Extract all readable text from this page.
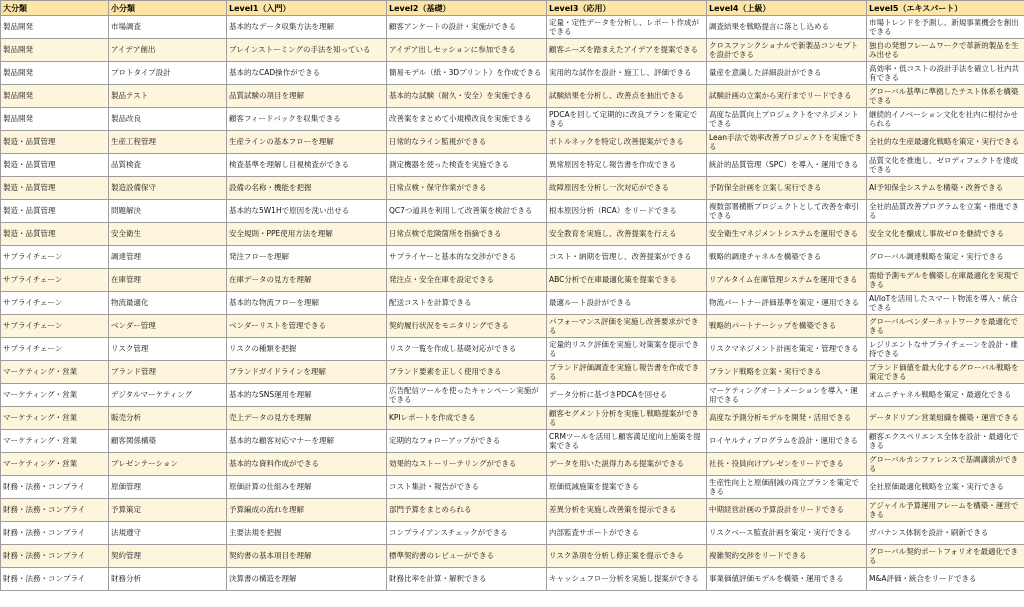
大分類	小分類	Level1（入門）	Level2（基礎）	Level3（応用）	Level4（上級）	Level5（エキスパート）

製品開発	市場調査	基本的なデータ収集方法を理解	顧客アンケートの設計・実施ができる	定量・定性データを分析し、レポート作成ができる	調査結果を戦略提言に落とし込める	市場トレンドを予測し、新規事業機会を創出できる

製品開発	アイデア創出	ブレインストーミングの手法を知っている	アイデア出しセッションに参加できる	顧客ニーズを踏まえたアイデアを提案できる	クロスファンクショナルで新製品コンセプトを設計できる	独自の発想フレームワークで革新的製品を生み出せる

製品開発	プロトタイプ設計	基本的なCAD操作ができる	簡易モデル（紙・3Dプリント）を作成できる	実用的な試作を設計・施工し、評価できる	量産を意識した詳細設計ができる	高効率・低コストの設計手法を確立し社内共有できる

製品開発	製品テスト	品質試験の項目を理解	基本的な試験（耐久・安全）を実施できる	試験結果を分析し、改善点を抽出できる	試験計画の立案から実行までリードできる	グローバル基準に準拠したテスト体系を構築できる

製品開発	製品改良	顧客フィードバックを収集できる	改善案をまとめて小規模改良を実施できる	PDCAを回して定期的に改良プランを策定できる	高度な品質向上プロジェクトをマネジメントできる	継続的イノベーション文化を社内に根付かせられる

製造・品質管理	生産工程管理	生産ラインの基本フローを理解	日常的なライン監視ができる	ボトルネックを特定し改善提案ができる	Lean手法で効率改善プロジェクトを実施できる	全社的な生産最適化戦略を策定・実行できる

製造・品質管理	品質検査	検査基準を理解し目視検査ができる	測定機器を使った検査を実施できる	異常原因を特定し報告書を作成できる	統計的品質管理（SPC）を導入・運用できる	品質文化を推進し、ゼロディフェクトを達成できる

製造・品質管理	製造設備保守	設備の名称・機能を把握	日常点検・保守作業ができる	故障原因を分析し一次対応ができる	予防保全計画を立案し実行できる	AI予知保全システムを構築・改善できる

製造・品質管理	問題解決	基本的な5W1Hで原因を洗い出せる	QC7つ道具を利用して改善策を検討できる	根本原因分析（RCA）をリードできる	複数部署横断プロジェクトとして改善を牽引できる	全社的品質改善プログラムを立案・推進できる

製造・品質管理	安全衛生	安全規則・PPE使用方法を理解	日常点検で危険箇所を指摘できる	安全教育を実施し、改善提案を行える	安全衛生マネジメントシステムを運用できる	安全文化を醸成し事故ゼロを継続できる

サプライチェーン	調達管理	発注フローを理解	サプライヤーと基本的な交渉ができる	コスト・納期を管理し、改善提案ができる	戦略的調達チャネルを構築できる	グローバル調達戦略を策定・実行できる

サプライチェーン	在庫管理	在庫データの見方を理解	発注点・安全在庫を設定できる	ABC分析で在庫最適化策を提案できる	リアルタイム在庫管理システムを運用できる	需給予測モデルを構築し在庫最適化を実現できる

サプライチェーン	物流最適化	基本的な物流フローを理解	配送コストを計算できる	最適ルート設計ができる	物流パートナー評価基準を策定・運用できる	AI/IoTを活用したスマート物流を導入・統合できる

サプライチェーン	ベンダー管理	ベンダーリストを管理できる	契約履行状況をモニタリングできる	パフォーマンス評価を実施し改善要求ができる	戦略的パートナーシップを構築できる	グローバルベンダーネットワークを最適化できる

サプライチェーン	リスク管理	リスクの種類を把握	リスク一覧を作成し基礎対応ができる	定量的リスク評価を実施し対策案を提示できる	リスクマネジメント計画を策定・管理できる	レジリエントなサプライチェーンを設計・維持できる

マーケティング・営業	ブランド管理	ブランドガイドラインを理解	ブランド要素を正しく使用できる	ブランド評価調査を実施し報告書を作成できる	ブランド戦略を立案・実行できる	ブランド価値を最大化するグローバル戦略を策定できる

マーケティング・営業	デジタルマーケティング	基本的なSNS運用を理解	広告配信ツールを使ったキャンペーン実施ができる	データ分析に基づきPDCAを回せる	マーケティングオートメーションを導入・運用できる	オムニチャネル戦略を策定・最適化できる

マーケティング・営業	販売分析	売上データの見方を理解	KPIレポートを作成できる	顧客セグメント分析を実施し戦略提案ができる	高度な予測分析モデルを開発・活用できる	データドリブン営業組織を構築・運営できる

マーケティング・営業	顧客関係構築	基本的な顧客対応マナーを理解	定期的なフォローアップができる	CRMツールを活用し顧客満足度向上施策を提案できる	ロイヤルティプログラムを設計・運用できる	顧客エクスペリエンス全体を設計・最適化できる

マーケティング・営業	プレゼンテーション	基本的な資料作成ができる	効果的なストーリーテリングができる	データを用いた説得力ある提案ができる	社長・役員向けプレゼンをリードできる	グローバルカンファレンスで基調講演ができる

財務・法務・コンプライ	原価管理	原価計算の仕組みを理解	コスト集計・報告ができる	原価低減施策を提案できる	生産性向上と原価削減の両立プランを策定できる	全社原価最適化戦略を立案・実行できる

財務・法務・コンプライ	予算策定	予算編成の流れを理解	部門予算をまとめられる	差異分析を実施し改善策を提示できる	中期経営計画の予算設計をリードできる	アジャイル予算運用フレームを構築・運営できる

財務・法務・コンプライ	法規遵守	主要法規を把握	コンプライアンスチェックができる	内部監査サポートができる	リスクベース監査計画を策定・実行できる	ガバナンス体制を設計・刷新できる

財務・法務・コンプライ	契約管理	契約書の基本項目を理解	標準契約書のレビューができる	リスク条項を分析し修正案を提示できる	複雑契約交渉をリードできる	グローバル契約ポートフォリオを最適化できる

財務・法務・コンプライ	財務分析	決算書の構造を理解	財務比率を計算・解釈できる	キャッシュフロー分析を実施し提案ができる	事業価値評価モデルを構築・運用できる	M&A評価・統合をリードできる
